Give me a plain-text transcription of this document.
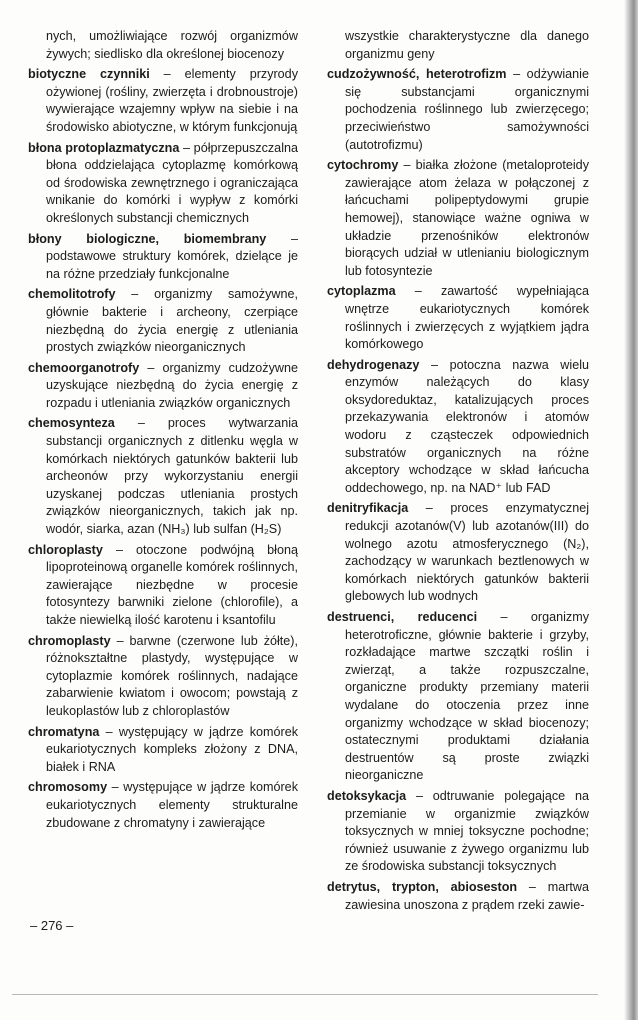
nych, umożliwiające rozwój organizmów żywych; siedlisko dla określonej biocenozy
biotyczne czynniki – elementy przyrody ożywionej (rośliny, zwierzęta i drobnoustroje) wywierające wzajemny wpływ na siebie i na środowisko abiotyczne, w którym funkcjonują
błona protoplazmatyczna – półprzepuszczalna błona oddzielająca cytoplazmę komórkową od środowiska zewnętrznego i ograniczająca wnikanie do komórki i wypływ z komórki określonych substancji chemicznych
błony biologiczne, biomembrany – podstawowe struktury komórek, dzielące je na różne przedziały funkcjonalne
chemolitotrofy – organizmy samożywne, głównie bakterie i archeony, czerpiące niezbędną do życia energię z utleniania prostych związków nieorganicznych
chemoorganotrofy – organizmy cudzożywne uzyskujące niezbędną do życia energię z rozpadu i utleniania związków organicznych
chemosynteza – proces wytwarzania substancji organicznych z ditlenku węgla w komórkach niektórych gatunków bakterii lub archeonów przy wykorzystaniu energii uzyskanej podczas utleniania prostych związków nieorganicznych, takich jak np. wodór, siarka, azan (NH₃) lub sulfan (H₂S)
chloroplasty – otoczone podwójną błoną lipoproteinową organelle komórek roślinnych, zawierające niezbędne w procesie fotosyntezy barwniki zielone (chlorofile), a także niewielką ilość karotenu i ksantofilu
chromoplasty – barwne (czerwone lub żółte), różnokształtne plastydy, występujące w cytoplazmie komórek roślinnych, nadające zabarwienie kwiatom i owocom; powstają z leukoplastów lub z chloroplastów
chromatyna – występujący w jądrze komórek eukariotycznych kompleks złożony z DNA, białek i RNA
chromosomy – występujące w jądrze komórek eukariotycznych elementy strukturalne zbudowane z chromatyny i zawierające
wszystkie charakterystyczne dla danego organizmu geny
cudzożywność, heterotrofizm – odżywianie się substancjami organicznymi pochodzenia roślinnego lub zwierzęcego; przeciwieństwo samożywności (autotrofizmu)
cytochromy – białka złożone (metaloproteidy zawierające atom żelaza w połączonej z łańcuchami polipeptydowymi grupie hemowej), stanowiące ważne ogniwa w układzie przenośników elektronów biorących udział w utlenianiu biologicznym lub fotosyntezie
cytoplazma – zawartość wypełniająca wnętrze eukariotycznych komórek roślinnych i zwierzęcych z wyjątkiem jądra komórkowego
dehydrogenazy – potoczna nazwa wielu enzymów należących do klasy oksydoreduktaz, katalizujących proces przekazywania elektronów i atomów wodoru z cząsteczek odpowiednich substratów organicznych na różne akceptory wchodzące w skład łańcucha oddechowego, np. na NAD⁺ lub FAD
denitryfikacja – proces enzymatycznej redukcji azotanów(V) lub azotanów(III) do wolnego azotu atmosferycznego (N₂), zachodzący w warunkach beztlenowych w komórkach niektórych gatunków bakterii glebowych lub wodnych
destruenci, reducenci – organizmy heterotroficzne, głównie bakterie i grzyby, rozkładające martwe szczątki roślin i zwierząt, a także rozpuszczalne, organiczne produkty przemiany materii wydalane do otoczenia przez inne organizmy wchodzące w skład biocenozy; ostatecznymi produktami działania destruentów są proste związki nieorganiczne
detoksykacja – odtruwanie polegające na przemianie w organizmie związków toksycznych w mniej toksyczne pochodne; również usuwanie z żywego organizmu lub ze środowiska substancji toksycznych
detrytus, trypton, abioseston – martwa zawiesina unoszona z prądem rzeki zawie-
– 276 –
